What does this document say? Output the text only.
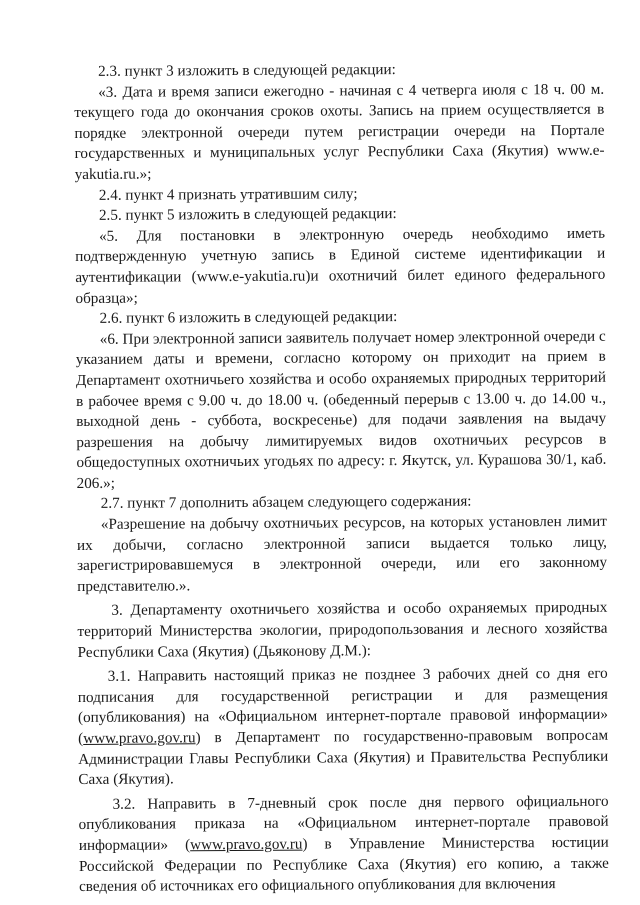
2.3. пункт 3 изложить в следующей редакции:

«3. Дата и время записи ежегодно - начиная с 4 четверга июля с 18 ч. 00 м. текущего года до окончания сроков охоты. Запись на прием осуществляется в порядке электронной очереди путем регистрации очереди на Портале государственных и муниципальных услуг Республики Саха (Якутия) www.e-yakutia.ru.»;

2.4. пункт 4 признать утратившим силу;

2.5. пункт 5 изложить в следующей редакции:

«5. Для постановки в электронную очередь необходимо иметь подтвержденную учетную запись в Единой системе идентификации и аутентификации (www.e-yakutia.ru)и охотничий билет единого федерального образца»;

2.6. пункт 6 изложить в следующей редакции:

«6. При электронной записи заявитель получает номер электронной очереди с указанием даты и времени, согласно которому он приходит на прием в Департамент охотничьего хозяйства и особо охраняемых природных территорий в рабочее время с 9.00 ч. до 18.00 ч. (обеденный перерыв с 13.00 ч. до 14.00 ч., выходной день - суббота, воскресенье) для подачи заявления на выдачу разрешения на добычу лимитируемых видов охотничьих ресурсов в общедоступных охотничьих угодьях по адресу: г. Якутск, ул. Курашова 30/1, каб. 206.»;

2.7. пункт 7 дополнить абзацем следующего содержания:

«Разрешение на добычу охотничьих ресурсов, на которых установлен лимит их добычи, согласно электронной записи выдается только лицу, зарегистрировавшемуся в электронной очереди, или его законному представителю.».

3. Департаменту охотничьего хозяйства и особо охраняемых природных территорий Министерства экологии, природопользования и лесного хозяйства Республики Саха (Якутия) (Дьяконову Д.М.):

3.1. Направить настоящий приказ не позднее 3 рабочих дней со дня его подписания для государственной регистрации и для размещения (опубликования) на «Официальном интернет-портале правовой информации» (www.pravo.gov.ru) в Департамент по государственно-правовым вопросам Администрации Главы Республики Саха (Якутия) и Правительства Республики Саха (Якутия).

3.2. Направить в 7-дневный срок после дня первого официального опубликования приказа на «Официальном интернет-портале правовой информации» (www.pravo.gov.ru) в Управление Министерства юстиции Российской Федерации по Республике Саха (Якутия) его копию, а также сведения об источниках его официального опубликования для включения
